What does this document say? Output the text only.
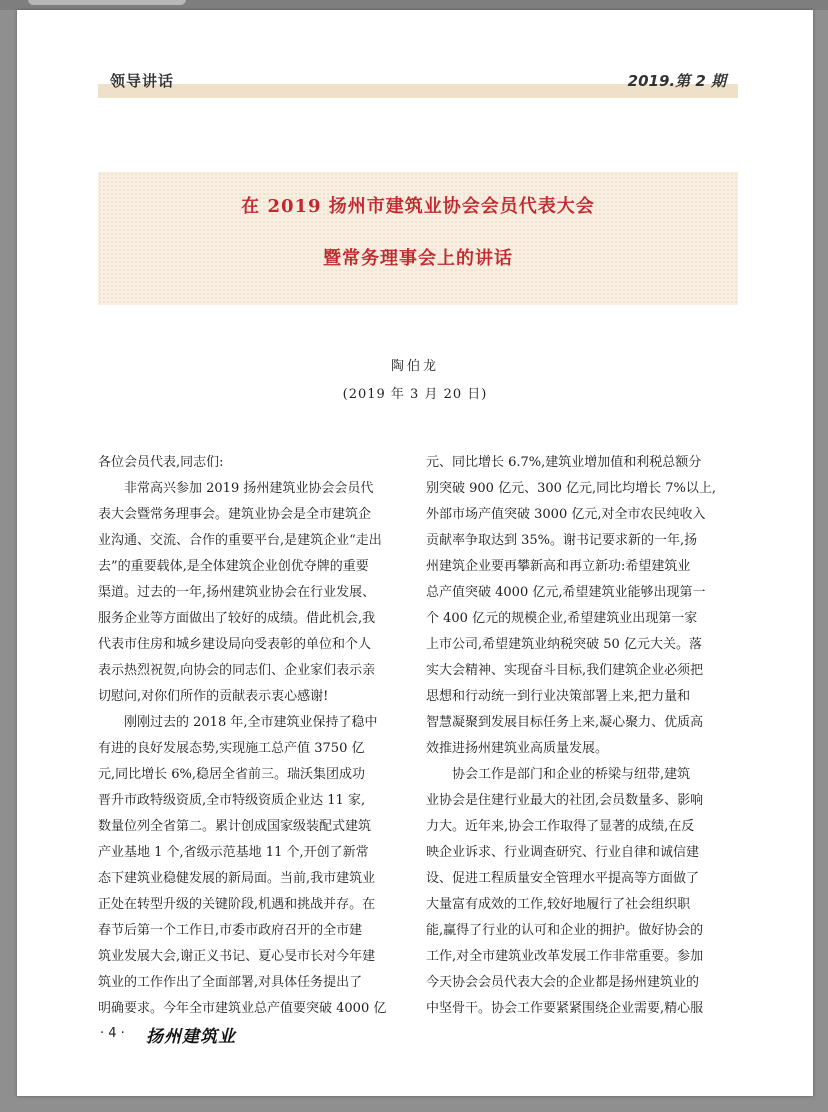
领导讲话	2019.第 2 期
在 2019 扬州市建筑业协会会员代表大会
暨常务理事会上的讲话
陶伯龙
(2019 年 3 月 20 日)

各位会员代表,同志们:

　　非常高兴参加 2019 扬州建筑业协会会员代

表大会暨常务理事会。建筑业协会是全市建筑企

业沟通、交流、合作的重要平台,是建筑企业“走出

去”的重要载体,是全体建筑企业创优夺牌的重要

渠道。过去的一年,扬州建筑业协会在行业发展、

服务企业等方面做出了较好的成绩。借此机会,我

代表市住房和城乡建设局向受表彰的单位和个人

表示热烈祝贺,向协会的同志们、企业家们表示亲

切慰问,对你们所作的贡献表示衷心感谢!

　　刚刚过去的 2018 年,全市建筑业保持了稳中

有进的良好发展态势,实现施工总产值 3750 亿

元,同比增长 6%,稳居全省前三。瑞沃集团成功

晋升市政特级资质,全市特级资质企业达 11 家,

数量位列全省第二。累计创成国家级装配式建筑

产业基地 1 个,省级示范基地 11 个,开创了新常

态下建筑业稳健发展的新局面。当前,我市建筑业

正处在转型升级的关键阶段,机遇和挑战并存。在

春节后第一个工作日,市委市政府召开的全市建

筑业发展大会,谢正义书记、夏心旻市长对今年建

筑业的工作作出了全面部署,对具体任务提出了

明确要求。今年全市建筑业总产值要突破 4000 亿

元、同比增长 6.7%,建筑业增加值和利税总额分

别突破 900 亿元、300 亿元,同比均增长 7%以上,

外部市场产值突破 3000 亿元,对全市农民纯收入

贡献率争取达到 35%。谢书记要求新的一年,扬

州建筑企业要再攀新高和再立新功:希望建筑业

总产值突破 4000 亿元,希望建筑业能够出现第一

个 400 亿元的规模企业,希望建筑业出现第一家

上市公司,希望建筑业纳税突破 50 亿元大关。落

实大会精神、实现奋斗目标,我们建筑企业必须把

思想和行动统一到行业决策部署上来,把力量和

智慧凝聚到发展目标任务上来,凝心聚力、优质高

效推进扬州建筑业高质量发展。

　　协会工作是部门和企业的桥梁与纽带,建筑

业协会是住建行业最大的社团,会员数量多、影响

力大。近年来,协会工作取得了显著的成绩,在反

映企业诉求、行业调查研究、行业自律和诚信建

设、促进工程质量安全管理水平提高等方面做了

大量富有成效的工作,较好地履行了社会组织职

能,赢得了行业的认可和企业的拥护。做好协会的

工作,对全市建筑业改革发展工作非常重要。参加

今天协会会员代表大会的企业都是扬州建筑业的

中坚骨干。协会工作要紧紧围绕企业需要,精心服

· 4 · 扬州建筑业
